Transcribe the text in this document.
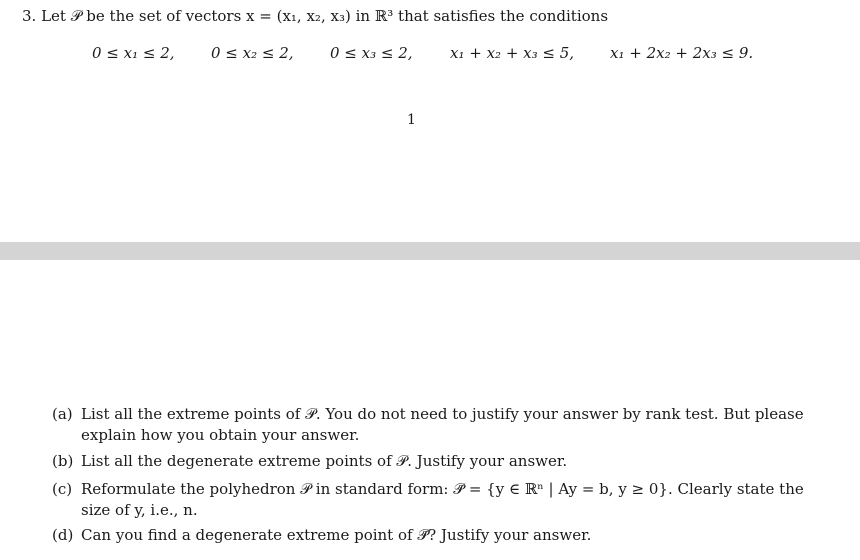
3. Let 𝒫 be the set of vectors x = (x₁, x₂, x₃) in ℝ³ that satisfies the conditions
0 ≤ x₁ ≤ 2, 0 ≤ x₂ ≤ 2, 0 ≤ x₃ ≤ 2, x₁ + x₂ + x₃ ≤ 5, x₁ + 2x₂ + 2x₃ ≤ 9.
1
(a) List all the extreme points of 𝒫. You do not need to justify your answer by rank test. But please explain how you obtain your answer.
(b) List all the degenerate extreme points of 𝒫. Justify your answer.
(c) Reformulate the polyhedron 𝒫 in standard form: 𝒫̃ = {y ∈ ℝⁿ | Ay = b, y ≥ 0}. Clearly state the size of y, i.e., n.
(d) Can you find a degenerate extreme point of 𝒫̃? Justify your answer.
